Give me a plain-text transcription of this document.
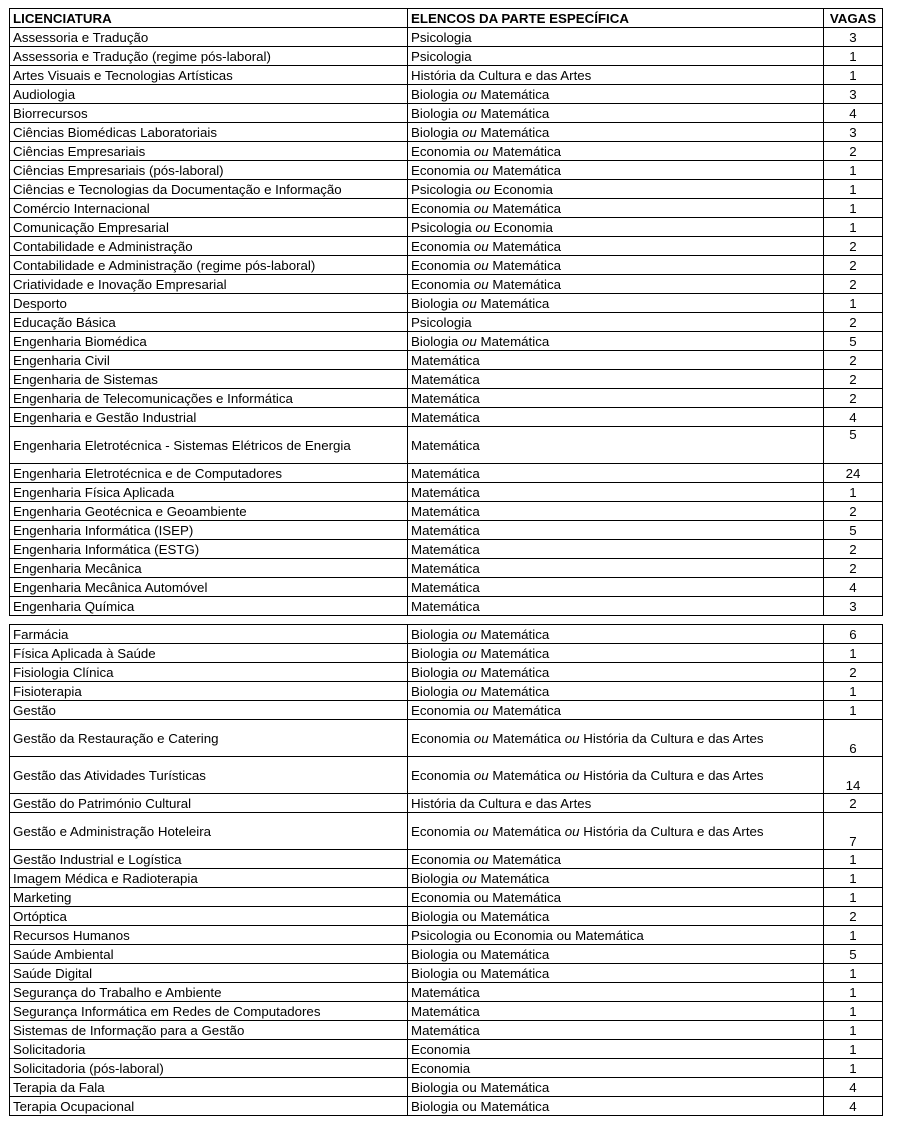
LICENCIATURA	ELENCOS DA PARTE ESPECÍFICA	VAGAS
Assessoria e Tradução	Psicologia	3
Assessoria e Tradução (regime pós-laboral)	Psicologia	1
Artes Visuais e Tecnologias Artísticas	História da Cultura e das Artes	1
Audiologia	Biologia ou Matemática	3
Biorrecursos	Biologia ou Matemática	4
Ciências Biomédicas Laboratoriais	Biologia ou Matemática	3
Ciências Empresariais	Economia ou Matemática	2
Ciências Empresariais (pós-laboral)	Economia ou Matemática	1
Ciências e Tecnologias da Documentação e Informação	Psicologia ou Economia	1
Comércio Internacional	Economia ou Matemática	1
Comunicação Empresarial	Psicologia ou Economia	1
Contabilidade e Administração	Economia ou Matemática	2
Contabilidade e Administração (regime pós-laboral)	Economia ou Matemática	2
Criatividade e Inovação Empresarial	Economia ou Matemática	2
Desporto	Biologia ou Matemática	1
Educação Básica	Psicologia	2
Engenharia Biomédica	Biologia ou Matemática	5
Engenharia Civil	Matemática	2
Engenharia de Sistemas	Matemática	2
Engenharia de Telecomunicações e Informática	Matemática	2
Engenharia e Gestão Industrial	Matemática	4
Engenharia Eletrotécnica - Sistemas Elétricos de Energia	Matemática	5
Engenharia Eletrotécnica e de Computadores	Matemática	24
Engenharia Física Aplicada	Matemática	1
Engenharia Geotécnica e Geoambiente	Matemática	2
Engenharia Informática (ISEP)	Matemática	5
Engenharia Informática (ESTG)	Matemática	2
Engenharia Mecânica	Matemática	2
Engenharia Mecânica Automóvel	Matemática	4
Engenharia Química	Matemática	3
Farmácia	Biologia ou Matemática	6
Física Aplicada à Saúde	Biologia ou Matemática	1
Fisiologia Clínica	Biologia ou Matemática	2
Fisioterapia	Biologia ou Matemática	1
Gestão	Economia ou Matemática	1
Gestão da Restauração e Catering	Economia ou Matemática ou História da Cultura e das Artes	6
Gestão das Atividades Turísticas	Economia ou Matemática ou História da Cultura e das Artes	14
Gestão do Património Cultural	História da Cultura e das Artes	2
Gestão e Administração Hoteleira	Economia ou Matemática ou História da Cultura e das Artes	7
Gestão Industrial e Logística	Economia ou Matemática	1
Imagem Médica e Radioterapia	Biologia ou Matemática	1
Marketing	Economia ou Matemática	1
Ortóptica	Biologia ou Matemática	2
Recursos Humanos	Psicologia ou Economia ou Matemática	1
Saúde Ambiental	Biologia ou Matemática	5
Saúde Digital	Biologia ou Matemática	1
Segurança do Trabalho e Ambiente	Matemática	1
Segurança Informática em Redes de Computadores	Matemática	1
Sistemas de Informação para a Gestão	Matemática	1
Solicitadoria	Economia	1
Solicitadoria (pós-laboral)	Economia	1
Terapia da Fala	Biologia ou Matemática	4
Terapia Ocupacional	Biologia ou Matemática	4
